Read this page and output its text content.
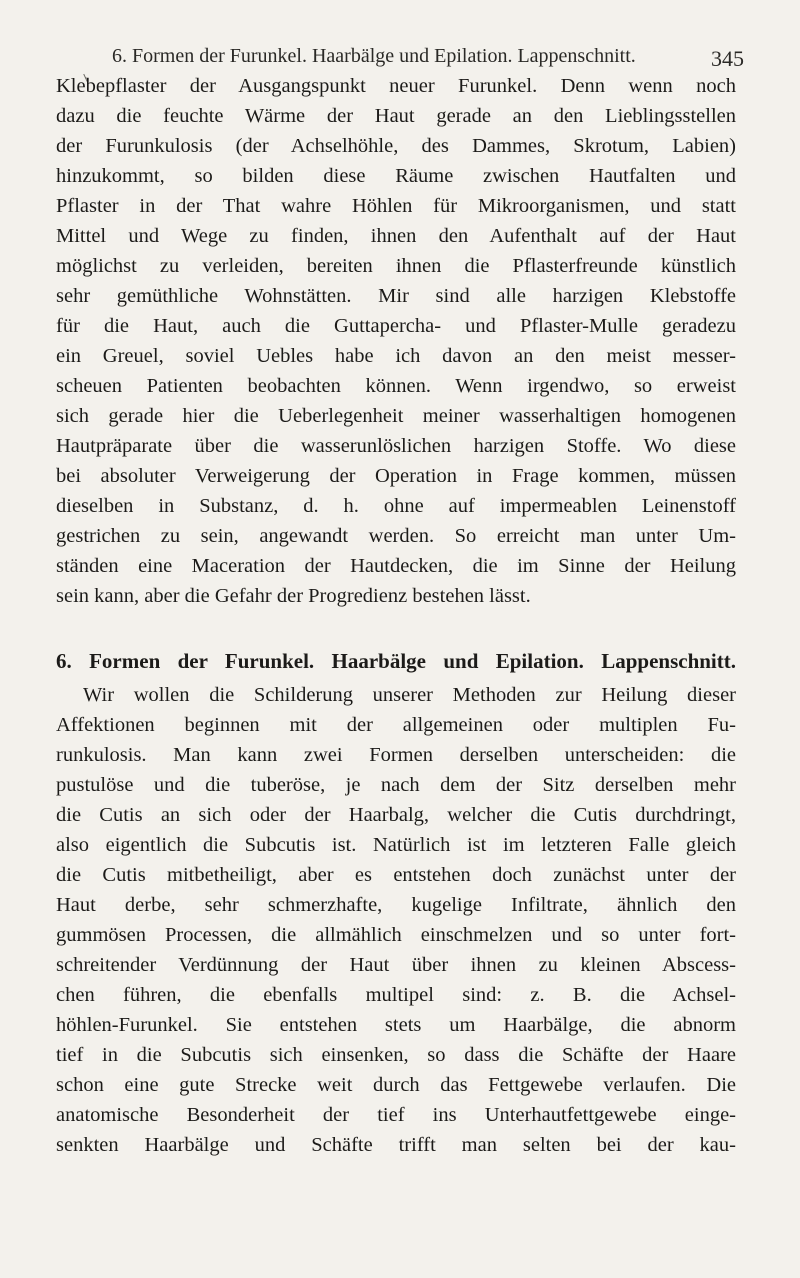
6. Formen der Furunkel. Haarbälge und Epilation. Lappenschnitt.	345

Klebepflaster der Ausgangspunkt neuer Furunkel. Denn wenn noch
dazu die feuchte Wärme der Haut gerade an den Lieblingsstellen
der Furunkulosis (der Achselhöhle, des Dammes, Skrotum, Labien)
hinzukommt, so bilden diese Räume zwischen Hautfalten und
Pflaster in der That wahre Höhlen für Mikroorganismen, und statt
Mittel und Wege zu finden, ihnen den Aufenthalt auf der Haut
möglichst zu verleiden, bereiten ihnen die Pflasterfreunde künstlich
sehr gemüthliche Wohnstätten. Mir sind alle harzigen Klebstoffe
für die Haut, auch die Guttapercha- und Pflaster-Mulle geradezu
ein Greuel, soviel Uebles habe ich davon an den meist messer-
scheuen Patienten beobachten können. Wenn irgendwo, so erweist
sich gerade hier die Ueberlegenheit meiner wasserhaltigen homogenen
Hautpräparate über die wasserunlöslichen harzigen Stoffe. Wo diese
bei absoluter Verweigerung der Operation in Frage kommen, müssen
dieselben in Substanz, d. h. ohne auf impermeablen Leinenstoff
gestrichen zu sein, angewandt werden. So erreicht man unter Um-
ständen eine Maceration der Hautdecken, die im Sinne der Heilung
sein kann, aber die Gefahr der Progredienz bestehen lässt.

6. Formen der Furunkel. Haarbälge und Epilation. Lappenschnitt.

Wir wollen die Schilderung unserer Methoden zur Heilung dieser
Affektionen beginnen mit der allgemeinen oder multiplen Fu-
runkulosis. Man kann zwei Formen derselben unterscheiden: die
pustulöse und die tuberöse, je nach dem der Sitz derselben mehr
die Cutis an sich oder der Haarbalg, welcher die Cutis durchdringt,
also eigentlich die Subcutis ist. Natürlich ist im letzteren Falle gleich
die Cutis mitbetheiligt, aber es entstehen doch zunächst unter der
Haut derbe, sehr schmerzhafte, kugelige Infiltrate, ähnlich den
gummösen Processen, die allmählich einschmelzen und so unter fort-
schreitender Verdünnung der Haut über ihnen zu kleinen Abscess-
chen führen, die ebenfalls multipel sind: z. B. die Achsel-
höhlen-Furunkel. Sie entstehen stets um Haarbälge, die abnorm
tief in die Subcutis sich einsenken, so dass die Schäfte der Haare
schon eine gute Strecke weit durch das Fettgewebe verlaufen. Die
anatomische Besonderheit der tief ins Unterhautfettgewebe einge-
senkten Haarbälge und Schäfte trifft man selten bei der kau-
